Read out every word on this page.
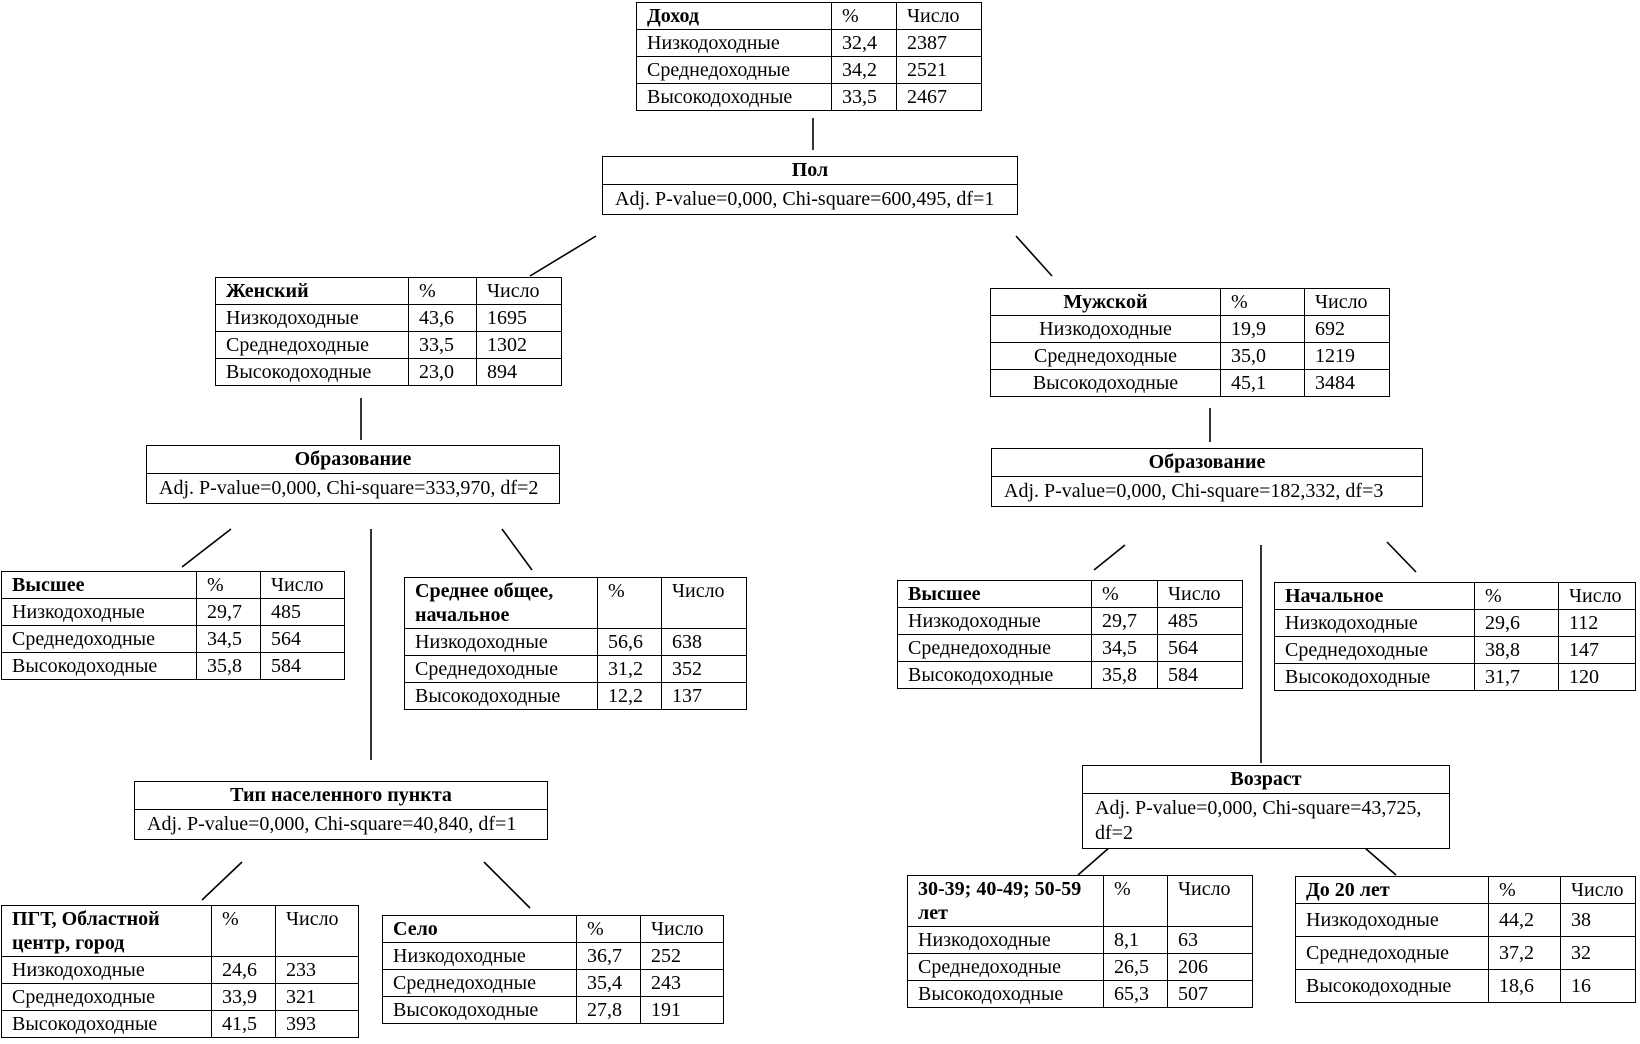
Доход	%	Число
Низкодоходные	32,4	2387
Среднедоходные	34,2	2521
Высокодоходные	33,5	2467
Пол
Adj. P-value=0,000, Chi-square=600,495, df=1
Женский	%	Число
Низкодоходные	43,6	1695
Среднедоходные	33,5	1302
Высокодоходные	23,0	894
Мужской	%	Число
Низкодоходные	19,9	692
Среднедоходные	35,0	1219
Высокодоходные	45,1	3484
Образование
Adj. P-value=0,000, Chi-square=333,970, df=2
Образование
Adj. P-value=0,000, Chi-square=182,332, df=3
Высшее	%	Число
Низкодоходные	29,7	485
Среднедоходные	34,5	564
Высокодоходные	35,8	584
Среднее общее, начальное	%	Число
Низкодоходные	56,6	638
Среднедоходные	31,2	352
Высокодоходные	12,2	137
Высшее	%	Число
Низкодоходные	29,7	485
Среднедоходные	34,5	564
Высокодоходные	35,8	584
Начальное	%	Число
Низкодоходные	29,6	112
Среднедоходные	38,8	147
Высокодоходные	31,7	120
Тип населенного пункта
Adj. P-value=0,000, Chi-square=40,840, df=1
Возраст
Adj. P-value=0,000, Chi-square=43,725, df=2
ПГТ, Областной центр, город	%	Число
Низкодоходные	24,6	233
Среднедоходные	33,9	321
Высокодоходные	41,5	393
Село	%	Число
Низкодоходные	36,7	252
Среднедоходные	35,4	243
Высокодоходные	27,8	191
30-39; 40-49; 50-59 лет	%	Число
Низкодоходные	8,1	63
Среднедоходные	26,5	206
Высокодоходные	65,3	507
До 20 лет	%	Число
Низкодоходные	44,2	38
Среднедоходные	37,2	32
Высокодоходные	18,6	16
